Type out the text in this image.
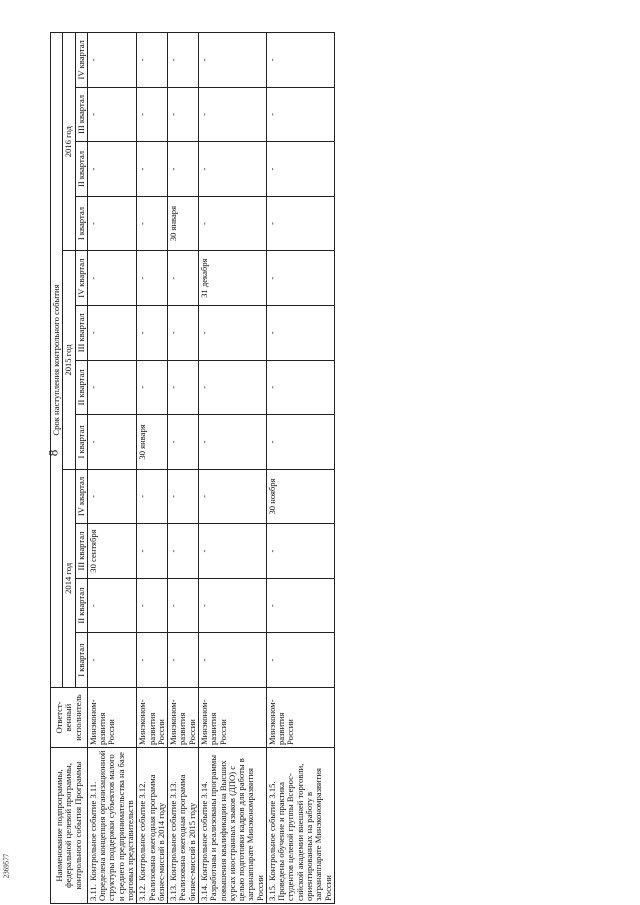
8
2369577	Наименование подпрограммы, федеральной целевой программы, контрольного события Программы	Ответст-венный исполнитель	Срок наступления контрольного события											
		2014 год				2015 год				2016 год			
		I квартал	II квартал	III квартал	IV квартал	I квартал	II квартал	III квартал	IV квартал	I квартал	II квартал	III квартал	IV квартал
3.11. Контрольное событие 3.11. Определена концепция организационной структуры поддержки субъектов малого и среднего предпринимательства на базе торговых представительств	Минэконом-развития России	-	-	30 сентября	-	-	-	-	-	-	-	-	-
3.12. Контрольное событие 3.12. Реализована ежегодная программа бизнес-миссий в 2014 году	Минэконом-развития России	-	-	-	-	30 января	-	-	-	-	-	-	-
3.13. Контрольное событие 3.13. Реализована ежегодная программа бизнес-миссий в 2015 году	Минэконом-развития России	-	-	-	-	-	-	-	-	30 января	-	-	-
3.14. Контрольное событие 3.14. Разработаны и реализованы программы повышения квалификации на Высших курсах иностранных языков (ДПО) с целью подготовки кадров для работы в загранаппарате Минэкономразвития России	Минэконом-развития России	-	-	-	-	-	-	-	31 декабря	-	-	-	-
3.15. Контрольное событие 3.15. Проведены обучение и практика студентов целевой группы Всерос-сийской академии внешней торговли, ориентированных на работу в загранаппарате Минэкономразвития России	Минэконом-развития России	-	-	-	30 ноября	-	-	-	-	-	-	-	-
